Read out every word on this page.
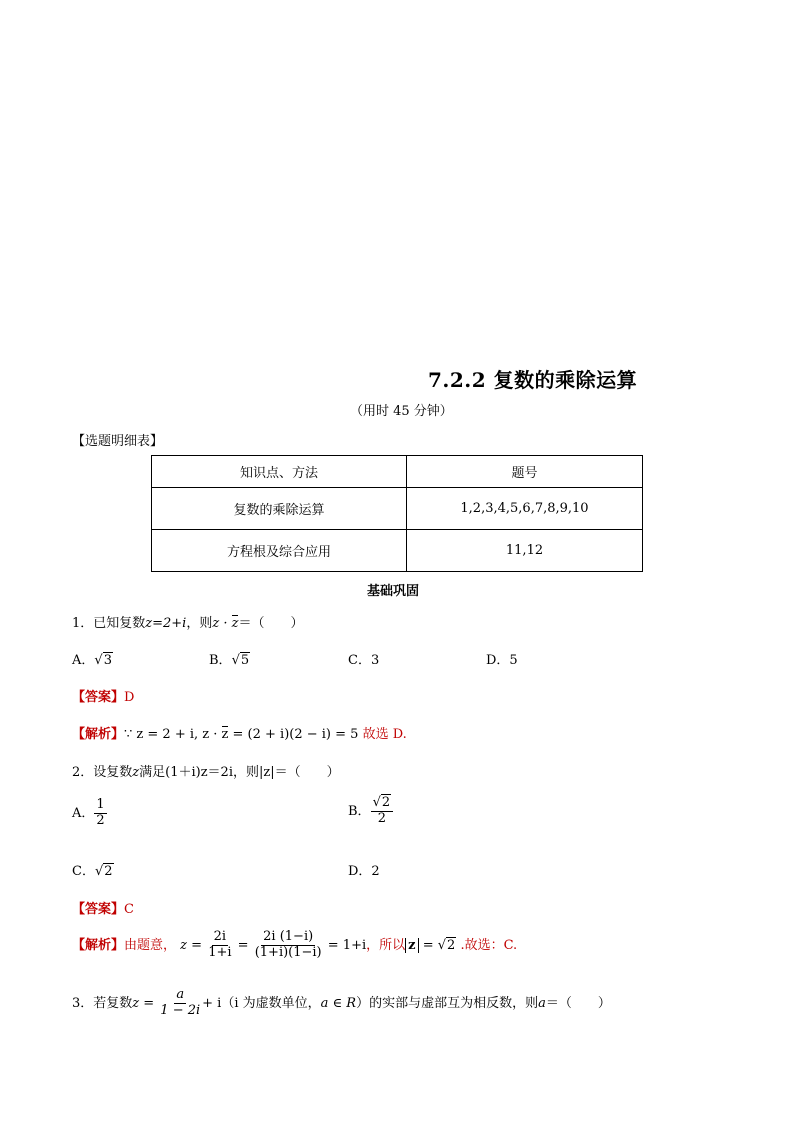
7.2.2 复数的乘除运算
（用时 45 分钟）
【选题明细表】
知识点、方法	题号
复数的乘除运算	1,2,3,4,5,6,7,8,9,10
方程根及综合应用	11,12
基础巩固
1．已知复数z=2+i，则z · z＝（　　）
A．√3	B．√5	C．3	D．5
【答案】D
【解析】∵ z = 2 + i, z · z = (2 + i)(2 − i) = 5 故选 D.
2．设复数z满足(1＋i)z＝2i，则|z|＝（　　）
A． $\frac{1}{2}$	B． $\frac{√2}{2}$
C．√2	D．2
【答案】C
【解析】由题意， $z = \frac{2i}{1+i} = \frac{2i (1-i)}{(1+i)(1-i)} = 1+i$，所以 z = √2 .故选：C.
3．若复数$z = \frac{a}{1 - 2i} + i(i$ 为虚数单位，a ∈ R）的实部与虚部互为相反数，则a＝（　　）
